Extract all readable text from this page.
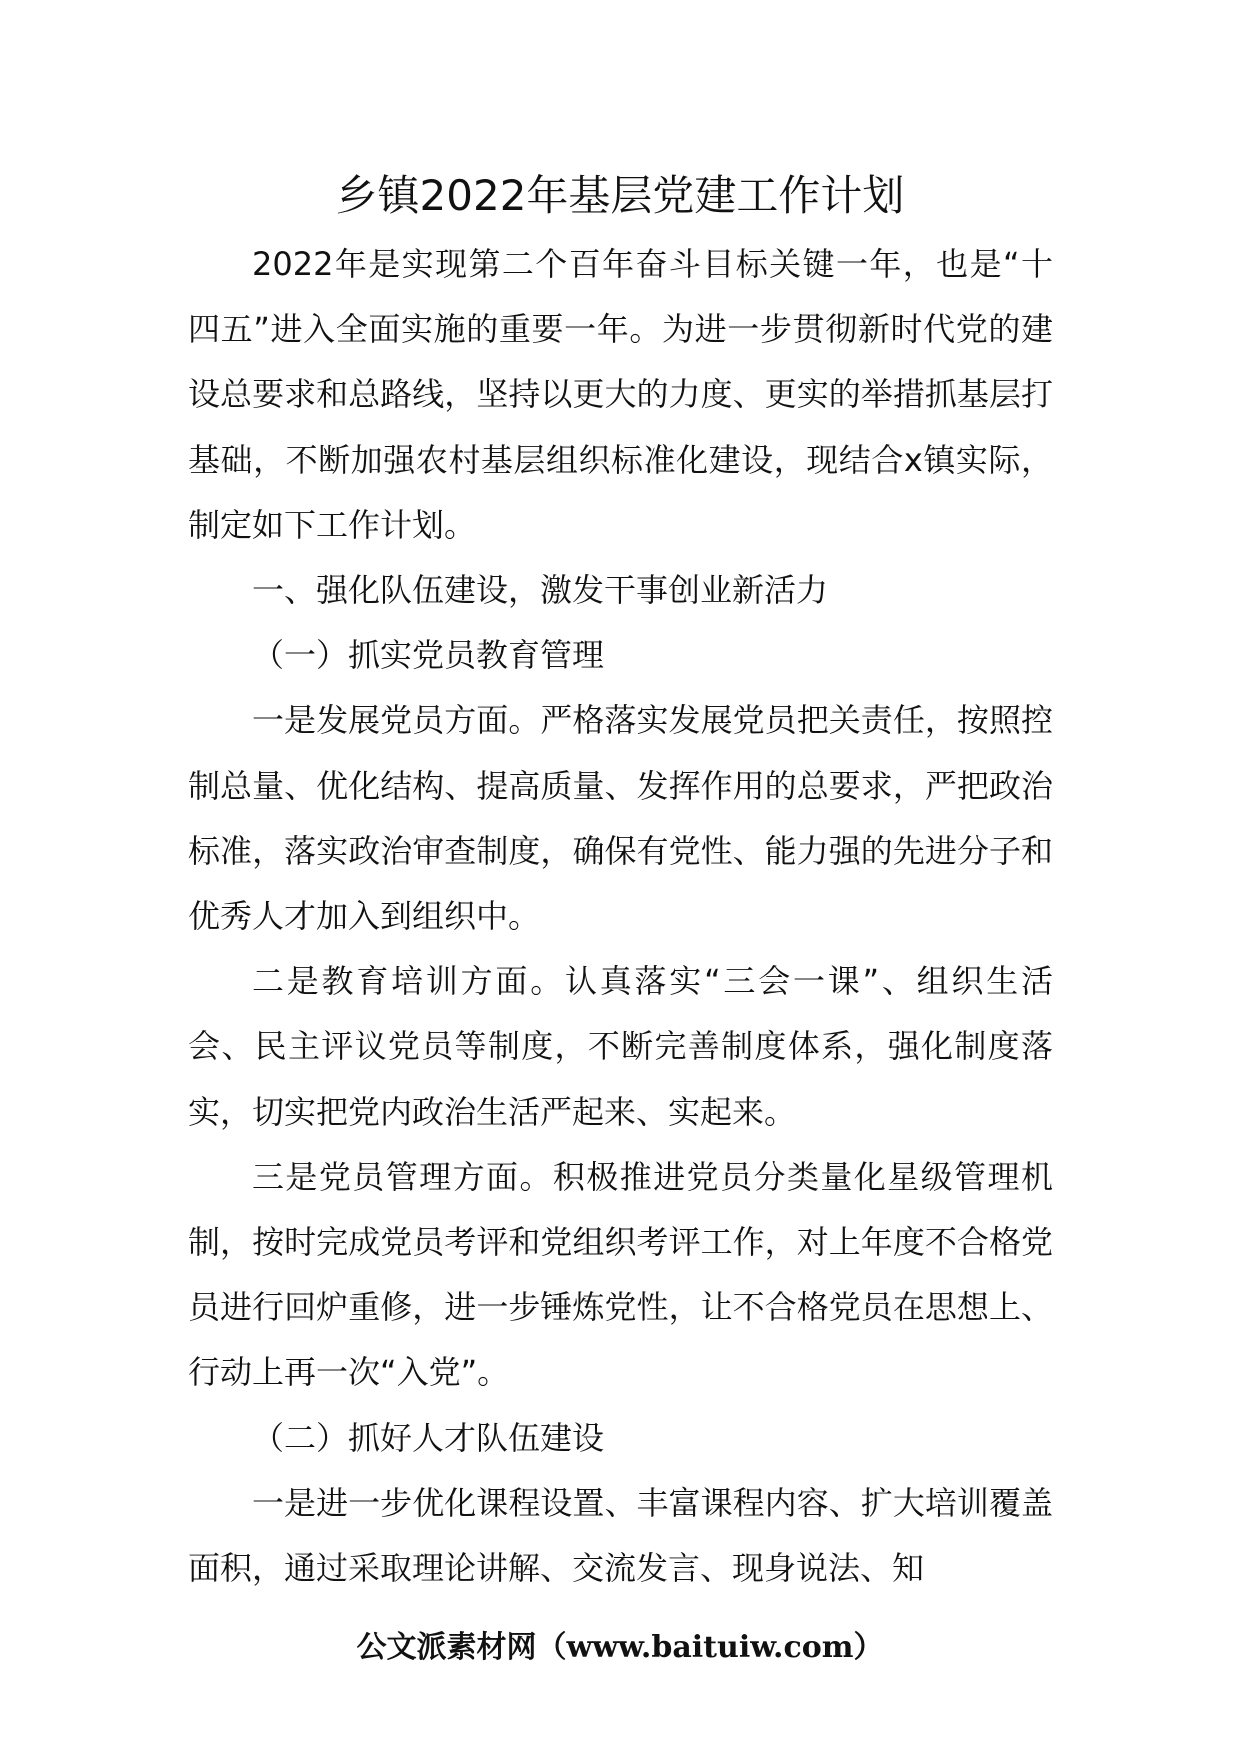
乡镇2022年基层党建工作计划

2022年是实现第二个百年奋斗目标关键一年，也是“十四五”进入全面实施的重要一年。为进一步贯彻新时代党的建设总要求和总路线，坚持以更大的力度、更实的举措抓基层打基础，不断加强农村基层组织标准化建设，现结合x镇实际，制定如下工作计划。

一、强化队伍建设，激发干事创业新活力

（一）抓实党员教育管理

一是发展党员方面。严格落实发展党员把关责任，按照控制总量、优化结构、提高质量、发挥作用的总要求，严把政治标准，落实政治审查制度，确保有党性、能力强的先进分子和优秀人才加入到组织中。

二是教育培训方面。认真落实“三会一课”、组织生活会、民主评议党员等制度，不断完善制度体系，强化制度落实，切实把党内政治生活严起来、实起来。

三是党员管理方面。积极推进党员分类量化星级管理机制，按时完成党员考评和党组织考评工作，对上年度不合格党员进行回炉重修，进一步锤炼党性，让不合格党员在思想上、行动上再一次“入党”。

（二）抓好人才队伍建设

一是进一步优化课程设置、丰富课程内容、扩大培训覆盖面积，通过采取理论讲解、交流发言、现身说法、知

公文派素材网（www.baituiw.com）
